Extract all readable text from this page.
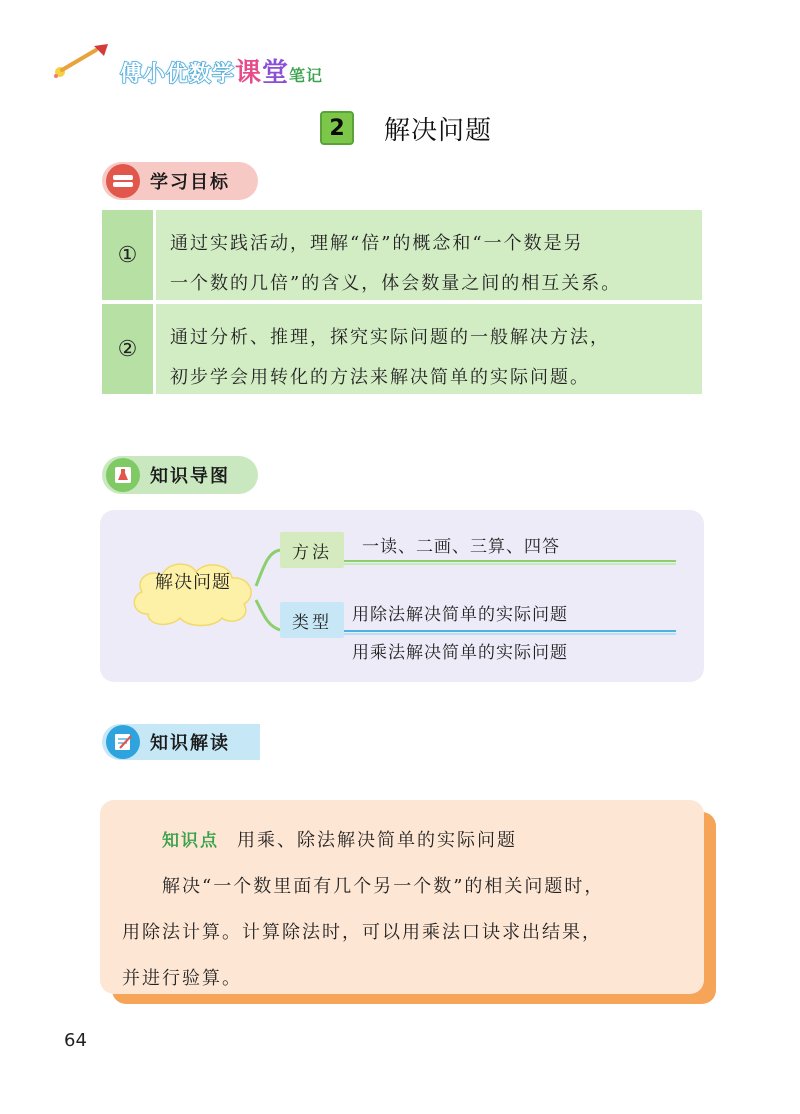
傅小优数学课堂笔记
2	解决问题
学习目标
①	通过实践活动，理解“倍”的概念和“一个数是另
一个数的几倍”的含义，体会数量之间的相互关系。
②	通过分析、推理，探究实际问题的一般解决方法，
初步学会用转化的方法来解决简单的实际问题。
知识导图
解决问题
方法	一读、二画、三算、四答
类型	用除法解决简单的实际问题
用乘法解决简单的实际问题
知识解读
知识点 用乘、除法解决简单的实际问题
解决“一个数里面有几个另一个数”的相关问题时，
用除法计算。计算除法时，可以用乘法口诀求出结果，
并进行验算。
64
